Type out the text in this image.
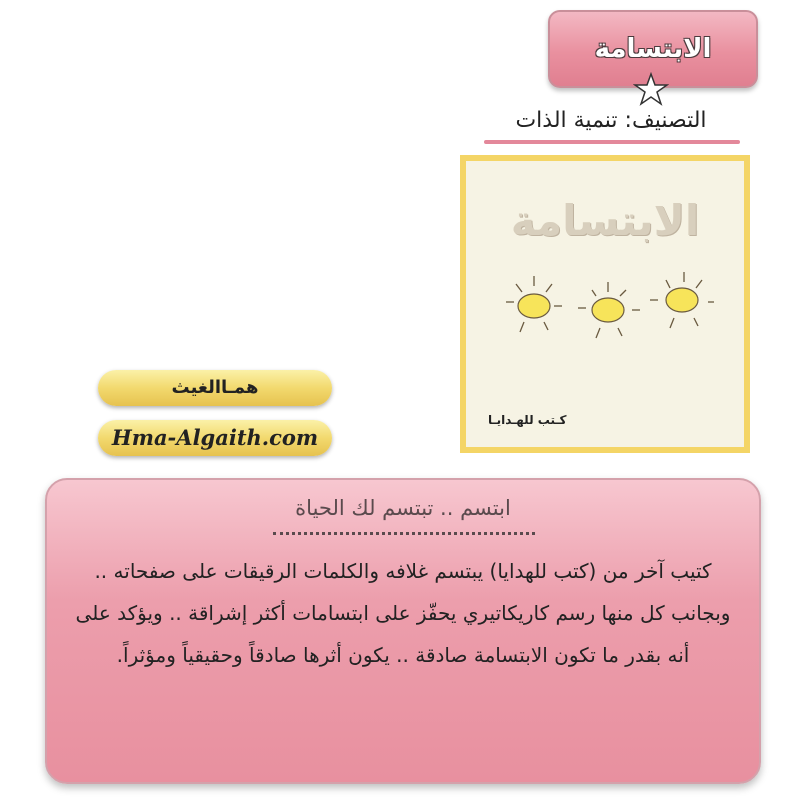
الابتسامة
التصنيف: تنمية الذات
الابتسامة
كـتب للهـدايـا
همـاالغيث
Hma-Algaith.com
ابتسم .. تبتسم لك الحياة
كتيب آخر من (كتب للهدايا) يبتسم غلافه والكلمات الرقيقات على صفحاته .. وبجانب كل منها رسم كاريكاتيري يحفّز على ابتسامات أكثر إشراقة .. ويؤكد على أنه بقدر ما تكون الابتسامة صادقة .. يكون أثرها صادقاً وحقيقياً ومؤثراً.
